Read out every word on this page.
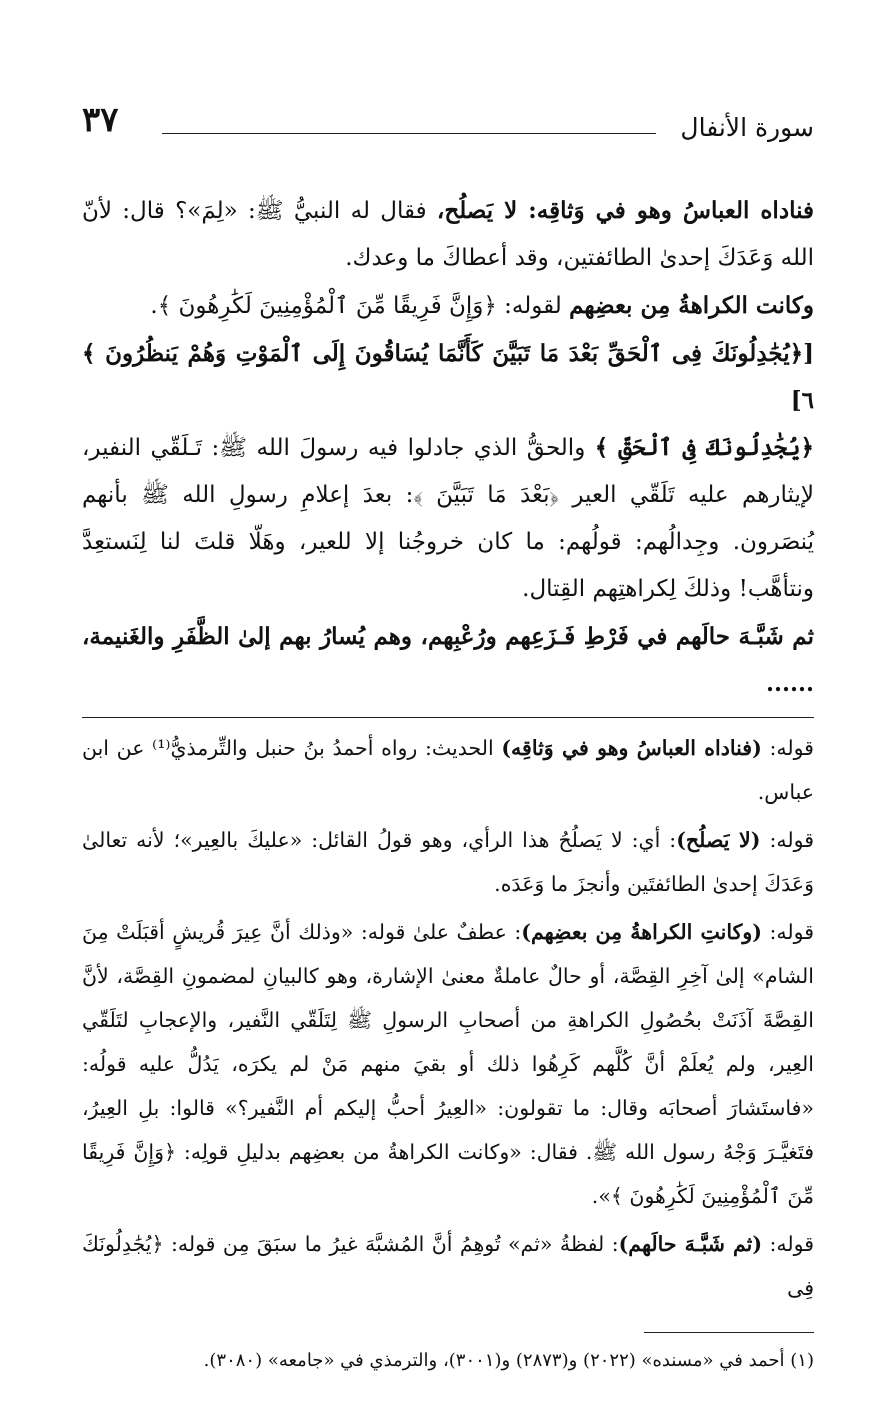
سورة الأنفال
٣٧

فناداه العباسُ وهو في وَثاقِه: لا يَصلُح، فقال له النبيُّ ﷺ: «لِمَ»؟ قال: لأنّ الله وَعَدَكَ إحدىٰ الطائفتين، وقد أعطاكَ ما وعدك.

وكانت الكراهةُ مِن بعضِهم لقوله: ﴿وَإِنَّ فَرِيقًا مِّنَ ٱلْمُؤْمِنِينَ لَكَٰرِهُونَ ﴾.

[﴿يُجَٰدِلُونَكَ فِى ٱلْحَقِّ بَعْدَ مَا تَبَيَّنَ كَأَنَّمَا يُسَاقُونَ إِلَى ٱلْمَوْتِ وَهُمْ يَنظُرُونَ ﴾ ٦]

﴿يُجَٰدِلُونَكَ فِى ٱلْحَقِّ ﴾ والحقُّ الذي جادلوا فيه رسولَ الله ﷺ: تَـلَقّي النفير، لإيثارهم عليه تَلَقّي العير ﴿بَعْدَ مَا تَبَيَّنَ ﴾: بعدَ إعلامِ رسولِ الله ﷺ بأنهم يُنصَرون. وجِدالُهم: قولُهم: ما كان خروجُنا إلا للعير، وهَلّا قلتَ لنا لِنَستعِدَّ ونتأهَّب! وذلكَ لِكراهتِهم القِتال.

ثم شَبَّـهَ حالَهم في فَرْطِ فَـزَعِهم ورُعْبِهم، وهم يُسارُ بهم إلىٰ الظَّفَرِ والغَنيمة، ......

قوله: (فناداه العباسُ وهو في وَثاقِه) الحديث: رواه أحمدُ بنُ حنبل والتِّرمذيُّ⁽¹⁾ عن ابن عباس.

قوله: (لا يَصلُح): أي: لا يَصلُحُ هذا الرأي، وهو قولُ القائل: «عليكَ بالعِير»؛ لأنه تعالىٰ وَعَدَكَ إحدىٰ الطائفتَين وأنجزَ ما وَعَدَه.

قوله: (وكانتِ الكراهةُ مِن بعضِهم): عطفٌ علىٰ قوله: «وذلك أنَّ عِيرَ قُريشٍ أقبَلَتْ مِنَ الشام» إلىٰ آخِرِ القِصَّة، أو حالٌ عاملةٌ معنىٰ الإشارة، وهو كالبيانِ لمضمونِ القِصَّة، لأنَّ القِصَّةَ آذَنَتْ بحُصُولِ الكراهةِ من أصحابِ الرسولِ ﷺ لِتَلَقّي النَّفير، والإعجابِ لتَلَقّي العِير، ولم يُعلَمْ أنَّ كُلَّهم كَرِهُوا ذلك أو بقيَ منهم مَنْ لم يكرَه، يَدُلُّ عليه قولُه: «فاستَشارَ أصحابَه وقال: ما تقولون: «العِيرُ أحبُّ إليكم أم النَّفير؟» قالوا: بلِ العِيرُ، فتَغيَّـرَ وَجْهُ رسول الله ﷺ. فقال: «وكانت الكراهةُ من بعضِهم بدليلِ قولِه: ﴿وَإِنَّ فَرِيقًا مِّنَ ٱلْمُؤْمِنِينَ لَكَٰرِهُونَ ﴾».

قوله: (ثم شَبَّـهَ حالَهم): لفظةُ «ثم» تُوهِمُ أنَّ المُشبَّهَ غيرُ ما سبَقَ مِن قوله: ﴿يُجَٰدِلُونَكَ فِى

(١) أحمد في «مسنده» (٢٠٢٢) و(٢٨٧٣) و(٣٠٠١)، والترمذي في «جامعه» (٣٠٨٠).
